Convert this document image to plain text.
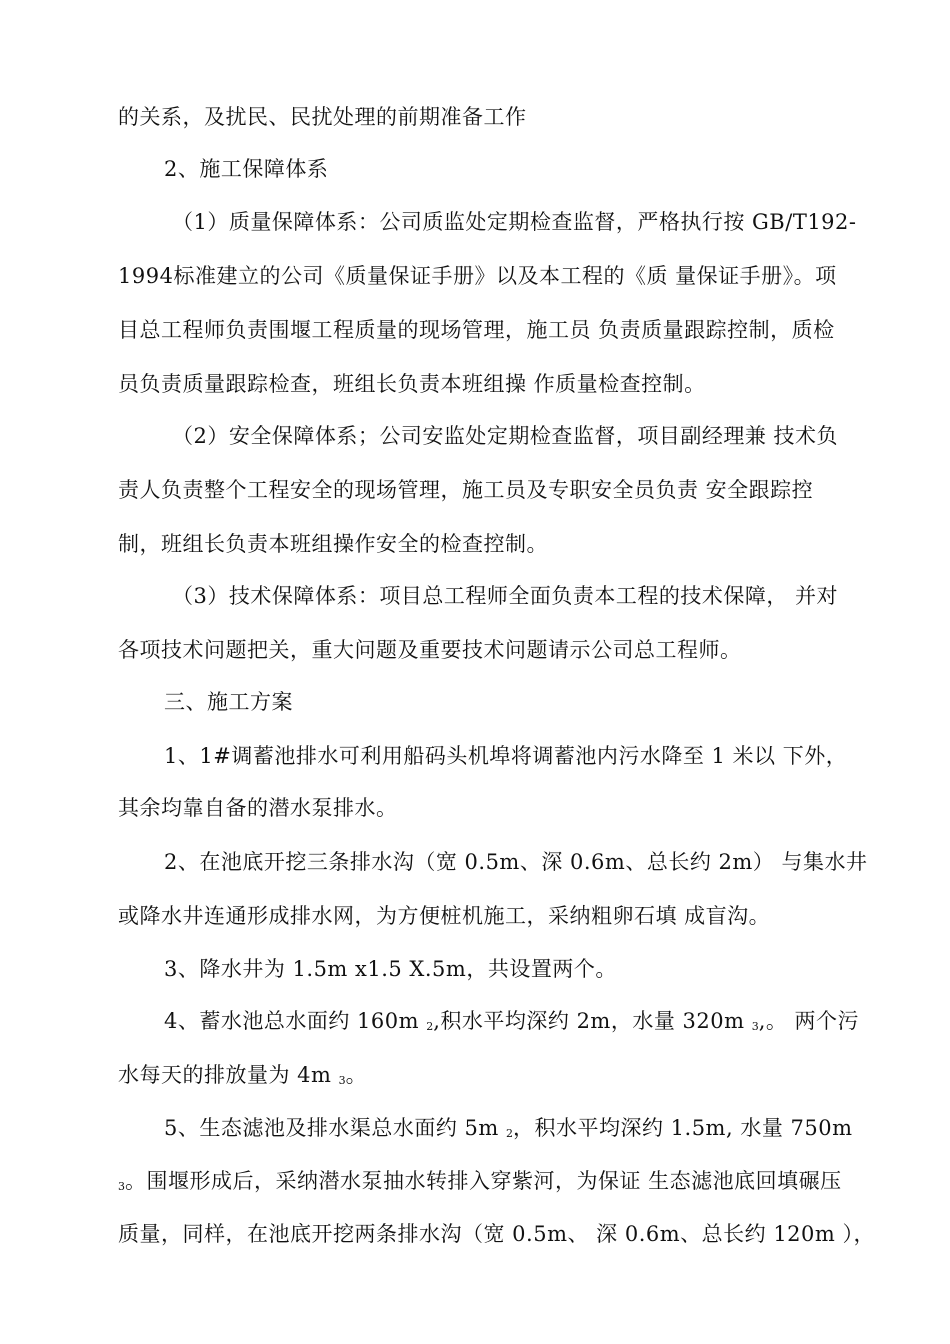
的关系，及扰民、民扰处理的前期准备工作
2、施工保障体系
（1）质量保障体系：公司质监处定期检查监督，严格执行按 GB/T192-
1994标准建立的公司《质量保证手册》以及本工程的《质 量保证手册》。项
目总工程师负责围堰工程质量的现场管理，施工员 负责质量跟踪控制，质检
员负责质量跟踪检查，班组长负责本班组操 作质量检查控制。
（2）安全保障体系；公司安监处定期检查监督，项目副经理兼 技术负
责人负责整个工程安全的现场管理，施工员及专职安全员负责 安全跟踪控
制，班组长负责本班组操作安全的检查控制。
（3）技术保障体系：项目总工程师全面负责本工程的技术保障， 并对
各项技术问题把关，重大问题及重要技术问题请示公司总工程师。
三、施工方案
1、1#调蓄池排水可利用船码头机埠将调蓄池内污水降至 1 米以 下外，
其余均靠自备的潜水泵排水。
2、在池底开挖三条排水沟（宽 0.5m、深 0.6m、总长约 2m） 与集水井
或降水井连通形成排水网，为方便桩机施工，采纳粗卵石填 成盲沟。
3、降水井为 1.5m x1.5 X.5m，共设置两个。
4、蓄水池总水面约 160m 2,积水平均深约 2m，水量 320m 3,。 两个污
水每天的排放量为 4m 3。
5、生态滤池及排水渠总水面约 5m 2，积水平均深约 1.5m, 水量 750m
3。围堰形成后，采纳潜水泵抽水转排入穿紫河，为保证 生态滤池底回填碾压
质量，同样，在池底开挖两条排水沟（宽 0.5m、 深 0.6m、总长约 120m ），
